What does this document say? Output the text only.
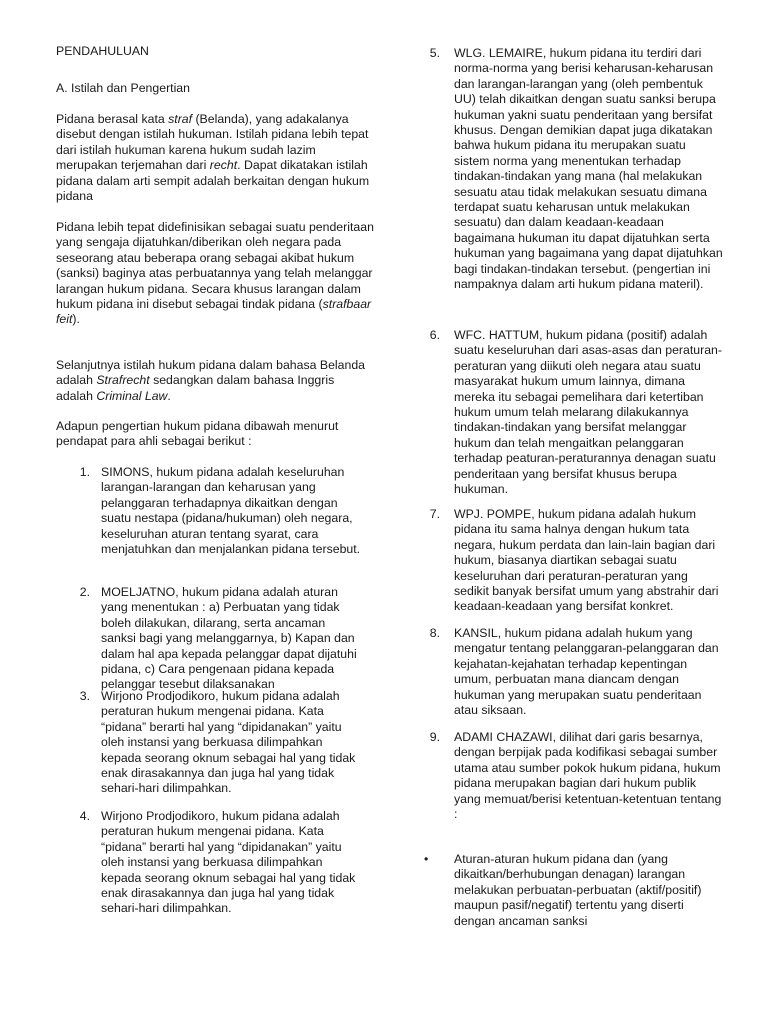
PENDAHULUAN

A. Istilah dan Pengertian

Pidana berasal kata straf (Belanda), yang adakalanya disebut dengan istilah hukuman. Istilah pidana lebih tepat dari istilah hukuman karena hukum sudah lazim merupakan terjemahan dari recht. Dapat dikatakan istilah pidana dalam arti sempit adalah berkaitan dengan hukum pidana

Pidana lebih tepat didefinisikan sebagai suatu penderitaan yang sengaja dijatuhkan/diberikan oleh negara pada seseorang atau beberapa orang sebagai akibat hukum (sanksi) baginya atas perbuatannya yang telah melanggar larangan hukum pidana. Secara khusus larangan dalam hukum pidana ini disebut sebagai tindak pidana (strafbaar feit).

Selanjutnya istilah hukum pidana dalam bahasa Belanda adalah Strafrecht sedangkan dalam bahasa Inggris adalah Criminal Law.

Adapun pengertian hukum pidana dibawah menurut pendapat para ahli sebagai berikut :

1. SIMONS, hukum pidana adalah keseluruhan larangan-larangan dan keharusan yang pelanggaran terhadapnya dikaitkan dengan suatu nestapa (pidana/hukuman) oleh negara, keseluruhan aturan tentang syarat, cara menjatuhkan dan menjalankan pidana tersebut.
2. MOELJATNO, hukum pidana adalah aturan yang menentukan : a) Perbuatan yang tidak boleh dilakukan, dilarang, serta ancaman sanksi bagi yang melanggarnya, b) Kapan dan dalam hal apa kepada pelanggar dapat dijatuhi pidana, c) Cara pengenaan pidana kepada pelanggar tesebut dilaksanakan
3. Wirjono Prodjodikoro, hukum pidana adalah peraturan hukum mengenai pidana. Kata “pidana” berarti hal yang “dipidanakan” yaitu oleh instansi yang berkuasa dilimpahkan kepada seorang oknum sebagai hal yang tidak enak dirasakannya dan juga hal yang tidak sehari-hari dilimpahkan.
4. Wirjono Prodjodikoro, hukum pidana adalah peraturan hukum mengenai pidana. Kata “pidana” berarti hal yang “dipidanakan” yaitu oleh instansi yang berkuasa dilimpahkan kepada seorang oknum sebagai hal yang tidak enak dirasakannya dan juga hal yang tidak sehari-hari dilimpahkan.
5. WLG. LEMAIRE, hukum pidana itu terdiri dari norma-norma yang berisi keharusan-keharusan dan larangan-larangan yang (oleh pembentuk UU) telah dikaitkan dengan suatu sanksi berupa hukuman yakni suatu penderitaan yang bersifat khusus. Dengan demikian dapat juga dikatakan bahwa hukum pidana itu merupakan suatu sistem norma yang menentukan terhadap tindakan-tindakan yang mana (hal melakukan sesuatu atau tidak melakukan sesuatu dimana terdapat suatu keharusan untuk melakukan sesuatu) dan dalam keadaan-keadaan bagaimana hukuman itu dapat dijatuhkan serta hukuman yang bagaimana yang dapat dijatuhkan bagi tindakan-tindakan tersebut. (pengertian ini nampaknya dalam arti hukum pidana materil).
6. WFC. HATTUM, hukum pidana (positif) adalah suatu keseluruhan dari asas-asas dan peraturan-peraturan yang diikuti oleh negara atau suatu masyarakat hukum umum lainnya, dimana mereka itu sebagai pemelihara dari ketertiban hukum umum telah melarang dilakukannya tindakan-tindakan yang bersifat melanggar hukum dan telah mengaitkan pelanggaran terhadap peaturan-peraturannya denagan suatu penderitaan yang bersifat khusus berupa hukuman.
7. WPJ. POMPE, hukum pidana adalah hukum pidana itu sama halnya dengan hukum tata negara, hukum perdata dan lain-lain bagian dari hukum, biasanya diartikan sebagai suatu keseluruhan dari peraturan-peraturan yang sedikit banyak bersifat umum yang abstrahir dari keadaan-keadaan yang bersifat konkret.
8. KANSIL, hukum pidana adalah hukum yang mengatur tentang pelanggaran-pelanggaran dan kejahatan-kejahatan terhadap kepentingan umum, perbuatan mana diancam dengan hukuman yang merupakan suatu penderitaan atau siksaan.
9. ADAMI CHAZAWI, dilihat dari garis besarnya, dengan berpijak pada kodifikasi sebagai sumber utama atau sumber pokok hukum pidana, hukum pidana merupakan bagian dari hukum publik yang memuat/berisi ketentuan-ketentuan tentang :
•	Aturan-aturan hukum pidana dan (yang dikaitkan/berhubungan denagan) larangan melakukan perbuatan-perbuatan (aktif/positif) maupun pasif/negatif) tertentu yang diserti dengan ancaman sanksi
